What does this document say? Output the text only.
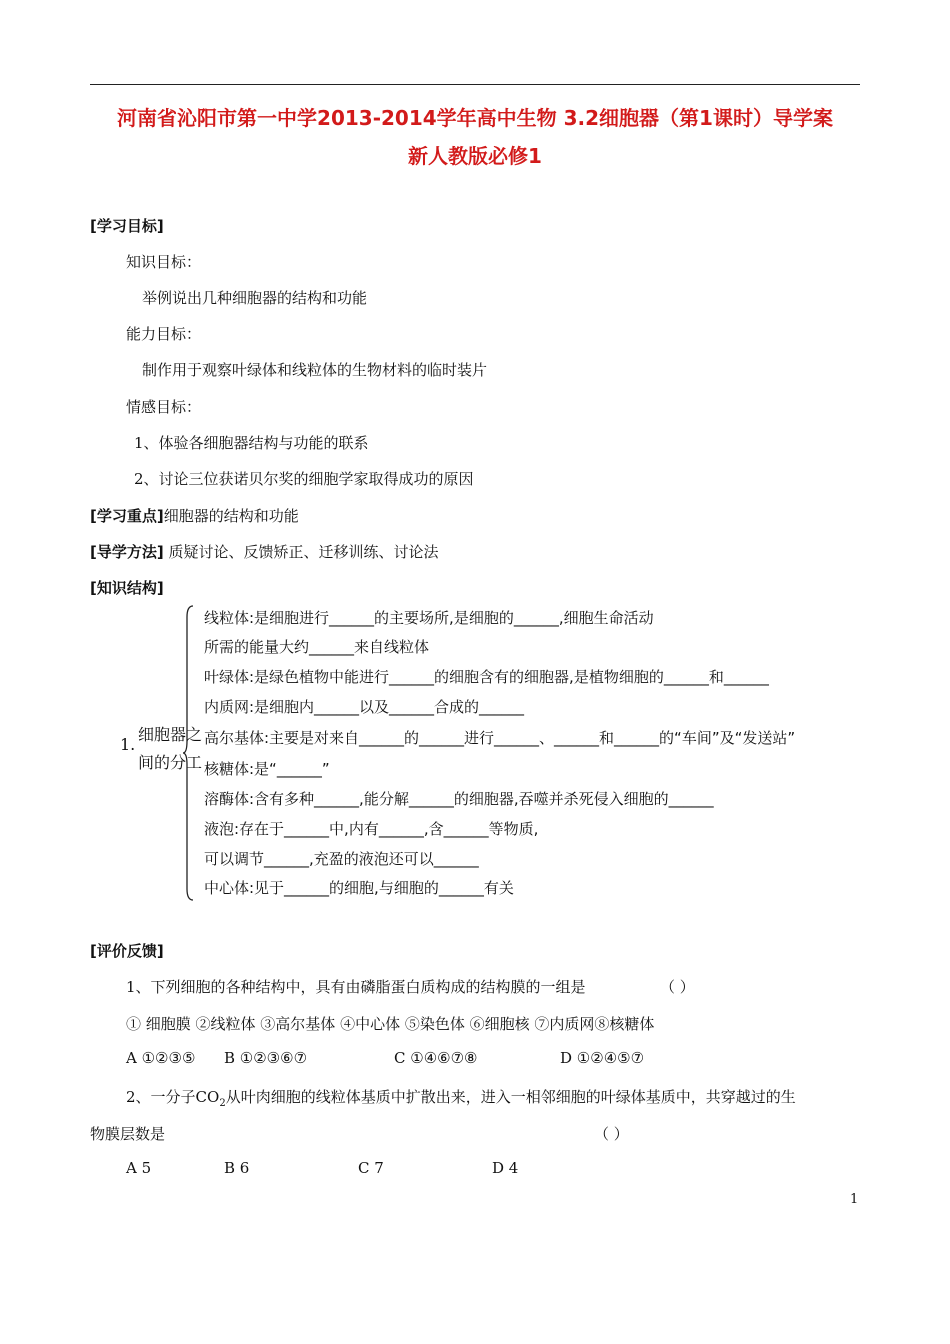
河南省沁阳市第一中学2013-2014学年高中生物 3.2细胞器（第1课时）导学案
新人教版必修1
[学习目标]
知识目标：
举例说出几种细胞器的结构和功能
能力目标：
制作用于观察叶绿体和线粒体的生物材料的临时装片
情感目标：
1、体验各细胞器结构与功能的联系
2、讨论三位获诺贝尔奖的细胞学家取得成功的原因
[学习重点]细胞器的结构和功能
[导学方法] 质疑讨论、反馈矫正、迁移训练、讨论法
[知识结构]
1.
细胞器之
间的分工
线粒体:是细胞进行______的主要场所,是细胞的______,细胞生命活动
所需的能量大约______来自线粒体
叶绿体:是绿色植物中能进行______的细胞含有的细胞器,是植物细胞的______和______
内质网:是细胞内______以及______合成的______
高尔基体:主要是对来自______的______进行______、______和______的“车间”及“发送站”
核糖体:是“______”
溶酶体:含有多种______,能分解______的细胞器,吞噬并杀死侵入细胞的______
液泡:存在于______中,内有______,含______等物质,
可以调节______,充盈的液泡还可以______
中心体:见于______的细胞,与细胞的______有关
[评价反馈]
1、下列细胞的各种结构中，具有由磷脂蛋白质构成的结构膜的一组是	（ ）
① 细胞膜 ②线粒体 ③高尔基体 ④中心体 ⑤染色体 ⑥细胞核 ⑦内质网⑧核糖体
A ①②③⑤ B ①②③⑥⑦	C ①④⑥⑦⑧	D ①②④⑤⑦
2、一分子$CO_2$从叶肉细胞的线粒体基质中扩散出来，进入一相邻细胞的叶绿体基质中，共穿越过的生
物膜层数是	（ ）
A 5	B 6	C 7	D 4
1
